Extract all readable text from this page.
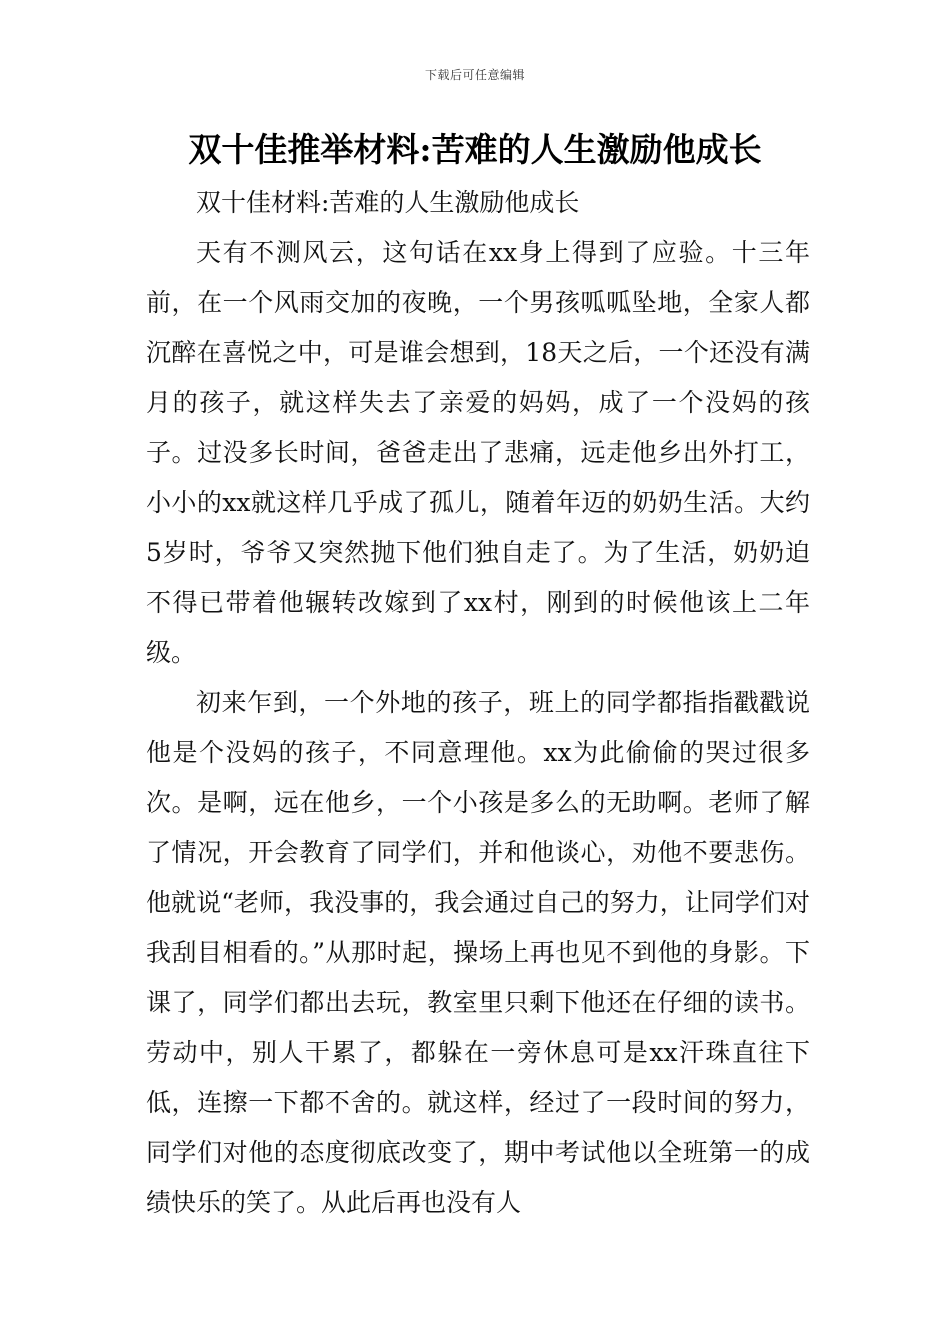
下载后可任意编辑
双十佳推举材料:苦难的人生激励他成长

双十佳材料:苦难的人生激励他成长

天有不测风云，这句话在xx身上得到了应验。十三年前，在一个风雨交加的夜晚，一个男孩呱呱坠地，全家人都沉醉在喜悦之中，可是谁会想到，18天之后，一个还没有满月的孩子，就这样失去了亲爱的妈妈，成了一个没妈的孩子。过没多长时间，爸爸走出了悲痛，远走他乡出外打工，小小的xx就这样几乎成了孤儿，随着年迈的奶奶生活。大约5岁时，爷爷又突然抛下他们独自走了。为了生活，奶奶迫不得已带着他辗转改嫁到了xx村，刚到的时候他该上二年级。

初来乍到，一个外地的孩子，班上的同学都指指戳戳说他是个没妈的孩子，不同意理他。xx为此偷偷的哭过很多次。是啊，远在他乡，一个小孩是多么的无助啊。老师了解了情况，开会教育了同学们，并和他谈心，劝他不要悲伤。他就说“老师，我没事的，我会通过自己的努力，让同学们对我刮目相看的。”从那时起，操场上再也见不到他的身影。下课了，同学们都出去玩，教室里只剩下他还在仔细的读书。劳动中，别人干累了，都躲在一旁休息可是xx汗珠直往下低，连擦一下都不舍的。就这样，经过了一段时间的努力，同学们对他的态度彻底改变了，期中考试他以全班第一的成绩快乐的笑了。从此后再也没有人
